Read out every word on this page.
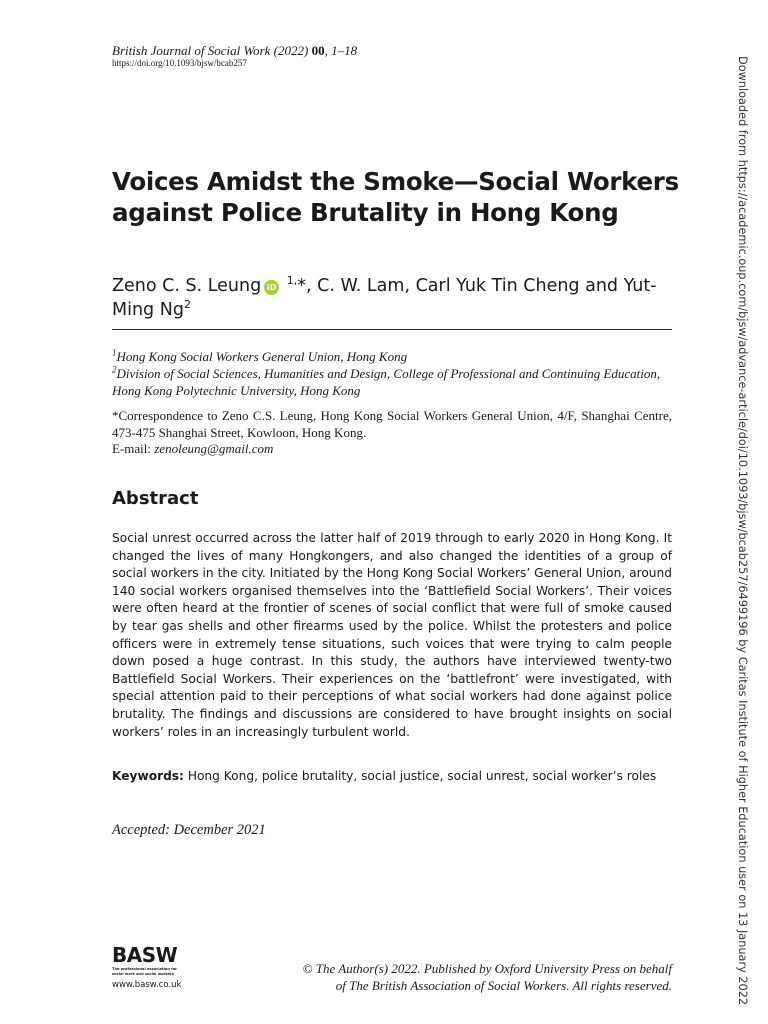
British Journal of Social Work (2022) 00, 1–18
https://doi.org/10.1093/bjsw/bcab257
Voices Amidst the Smoke—Social Workers against Police Brutality in Hong Kong
Zeno C. S. Leung iD $^{1,}$*, C. W. Lam, Carl Yuk Tin Cheng and Yut-Ming Ng$^2$
$^1$Hong Kong Social Workers General Union, Hong Kong
$^2$Division of Social Sciences, Humanities and Design, College of Professional and Continuing Education, Hong Kong Polytechnic University, Hong Kong
*Correspondence to Zeno C.S. Leung, Hong Kong Social Workers General Union, 4/F, Shanghai Centre, 473-475 Shanghai Street, Kowloon, Hong Kong.
E-mail: zenoleung@gmail.com
Abstract

Social unrest occurred across the latter half of 2019 through to early 2020 in Hong Kong. It changed the lives of many Hongkongers, and also changed the identities of a group of social workers in the city. Initiated by the Hong Kong Social Workers’ General Union, around 140 social workers organised themselves into the ‘Battlefield Social Workers’. Their voices were often heard at the frontier of scenes of social conflict that were full of smoke caused by tear gas shells and other firearms used by the police. Whilst the protesters and police officers were in extremely tense situations, such voices that were trying to calm people down posed a huge contrast. In this study, the authors have interviewed twenty-two Battlefield Social Workers. Their experiences on the ‘battlefront’ were investigated, with special attention paid to their perceptions of what social workers had done against police brutality. The findings and discussions are considered to have brought insights on social workers’ roles in an increasingly turbulent world.

Keywords: Hong Kong, police brutality, social justice, social unrest, social worker’s roles

Accepted: December 2021
BASW
The professional association for social work and social workers
www.basw.co.uk
© The Author(s) 2022. Published by Oxford University Press on behalf
of The British Association of Social Workers. All rights reserved.	Downloaded from https://academic.oup.com/bjsw/advance-article/doi/10.1093/bjsw/bcab257/6499196 by Caritas Institute of Higher Education user on 13 January 2022
